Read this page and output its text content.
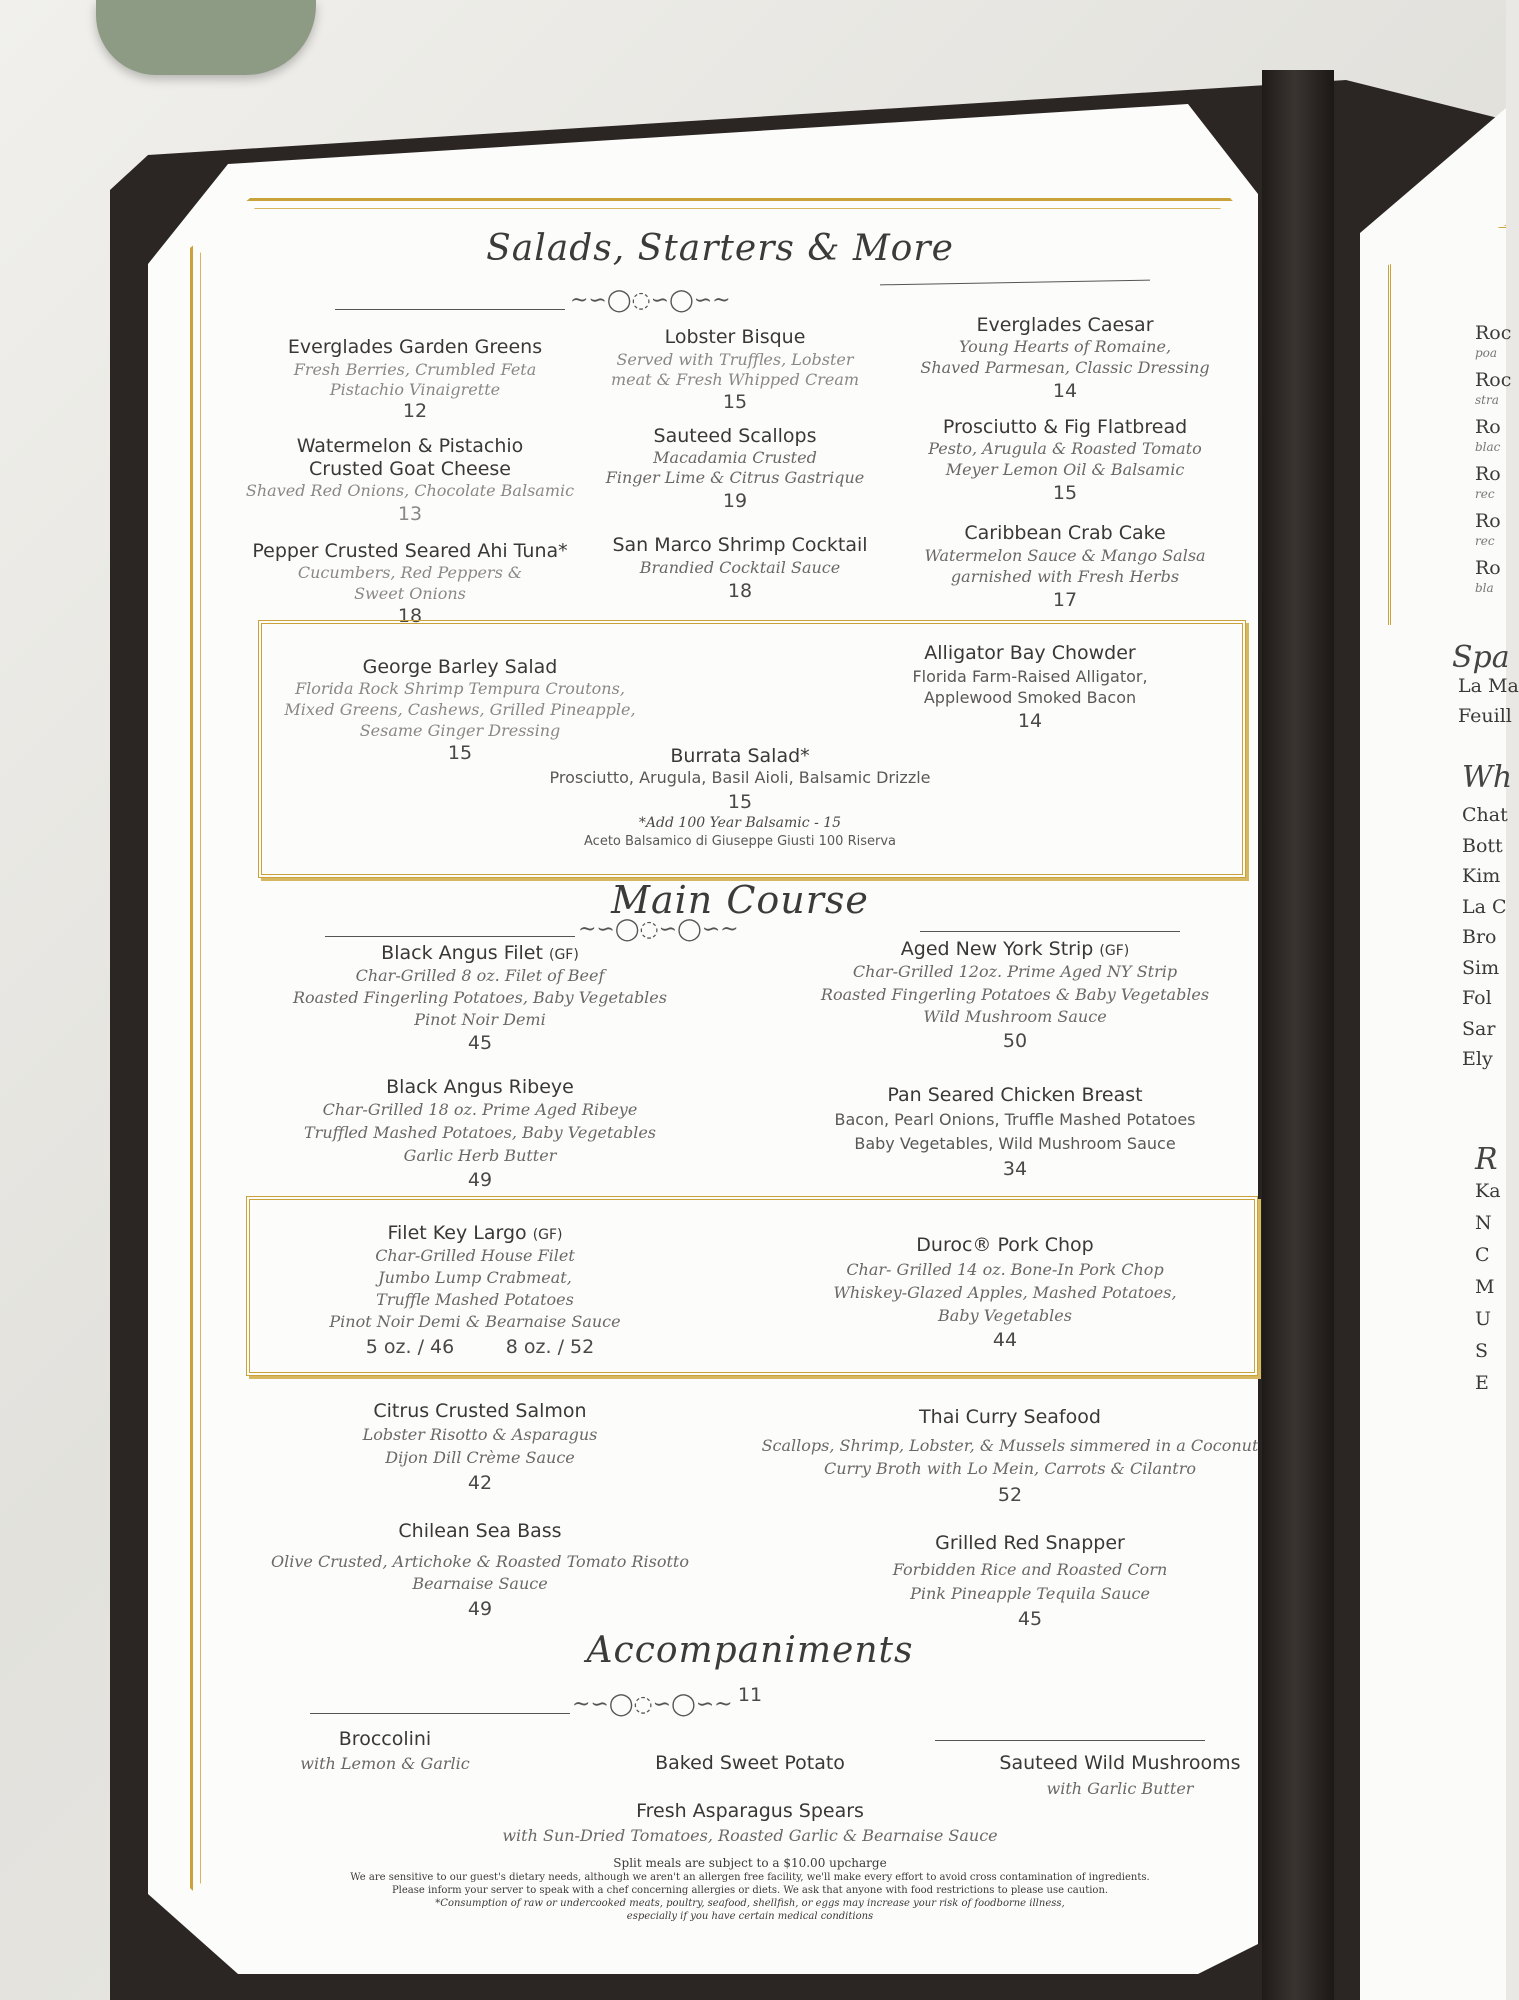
Roc
poa
Roc
stra
Ro
blac
Ro
rec
Ro
rec
Ro
bla
Spa
La Ma
Feuill
Wh
Chat
Bott
Kim
La C
Bro
Sim
Fol
Sar
Ely
R
Ka
N
C
M
U
S
E
Salads, Starters & More
~∽◯◌∽◯∽~
Everglades Garden Greens
Fresh Berries, Crumbled Feta
Pistachio Vinaigrette
12
Lobster Bisque
Served with Truffles, Lobster
meat & Fresh Whipped Cream
15
Everglades Caesar
Young Hearts of Romaine,
Shaved Parmesan, Classic Dressing
14
Watermelon & Pistachio
Crusted Goat Cheese
Shaved Red Onions, Chocolate Balsamic
13
Sauteed Scallops
Macadamia Crusted
Finger Lime & Citrus Gastrique
19
Prosciutto & Fig Flatbread
Pesto, Arugula & Roasted Tomato
Meyer Lemon Oil & Balsamic
15
Pepper Crusted Seared Ahi Tuna*
Cucumbers, Red Peppers &
Sweet Onions
18
San Marco Shrimp Cocktail
Brandied Cocktail Sauce
18
Caribbean Crab Cake
Watermelon Sauce & Mango Salsa
garnished with Fresh Herbs
17
George Barley Salad
Florida Rock Shrimp Tempura Croutons,
Mixed Greens, Cashews, Grilled Pineapple,
Sesame Ginger Dressing
15
Alligator Bay Chowder
Florida Farm-Raised Alligator,
Applewood Smoked Bacon
14
Burrata Salad*
Prosciutto, Arugula, Basil Aioli, Balsamic Drizzle
15
*Add 100 Year Balsamic - 15
Aceto Balsamico di Giuseppe Giusti 100 Riserva
Main Course
~∽◯◌∽◯∽~
Black Angus Filet (GF)
Char-Grilled 8 oz. Filet of Beef
Roasted Fingerling Potatoes, Baby Vegetables
Pinot Noir Demi
45
Aged New York Strip (GF)
Char-Grilled 12oz. Prime Aged NY Strip
Roasted Fingerling Potatoes & Baby Vegetables
Wild Mushroom Sauce
50
Black Angus Ribeye
Char-Grilled 18 oz. Prime Aged Ribeye
Truffled Mashed Potatoes, Baby Vegetables
Garlic Herb Butter
49
Pan Seared Chicken Breast
Bacon, Pearl Onions, Truffle Mashed Potatoes
Baby Vegetables, Wild Mushroom Sauce
34
Filet Key Largo (GF)
Char-Grilled House Filet
Jumbo Lump Crabmeat,
Truffle Mashed Potatoes
Pinot Noir Demi & Bearnaise Sauce
5 oz. / 46	8 oz. / 52
Duroc® Pork Chop
Char- Grilled 14 oz. Bone-In Pork Chop
Whiskey-Glazed Apples, Mashed Potatoes,
Baby Vegetables
44
Citrus Crusted Salmon
Lobster Risotto & Asparagus
Dijon Dill Crème Sauce
42
Thai Curry Seafood
Scallops, Shrimp, Lobster, & Mussels simmered in a Coconut
Curry Broth with Lo Mein, Carrots & Cilantro
52
Chilean Sea Bass
Olive Crusted, Artichoke & Roasted Tomato Risotto
Bearnaise Sauce
49
Grilled Red Snapper
Forbidden Rice and Roasted Corn
Pink Pineapple Tequila Sauce
45
Accompaniments
11
~∽◯◌∽◯∽~
Broccolini
with Lemon & Garlic	Baked Sweet Potato	Sauteed Wild Mushrooms
with Garlic Butter
Fresh Asparagus Spears
with Sun-Dried Tomatoes, Roasted Garlic & Bearnaise Sauce
Split meals are subject to a $10.00 upcharge
We are sensitive to our guest's dietary needs, although we aren't an allergen free facility, we'll make every effort to avoid cross contamination of ingredients.
Please inform your server to speak with a chef concerning allergies or diets. We ask that anyone with food restrictions to please use caution.
*Consumption of raw or undercooked meats, poultry, seafood, shellfish, or eggs may increase your risk of foodborne illness,
especially if you have certain medical conditions
